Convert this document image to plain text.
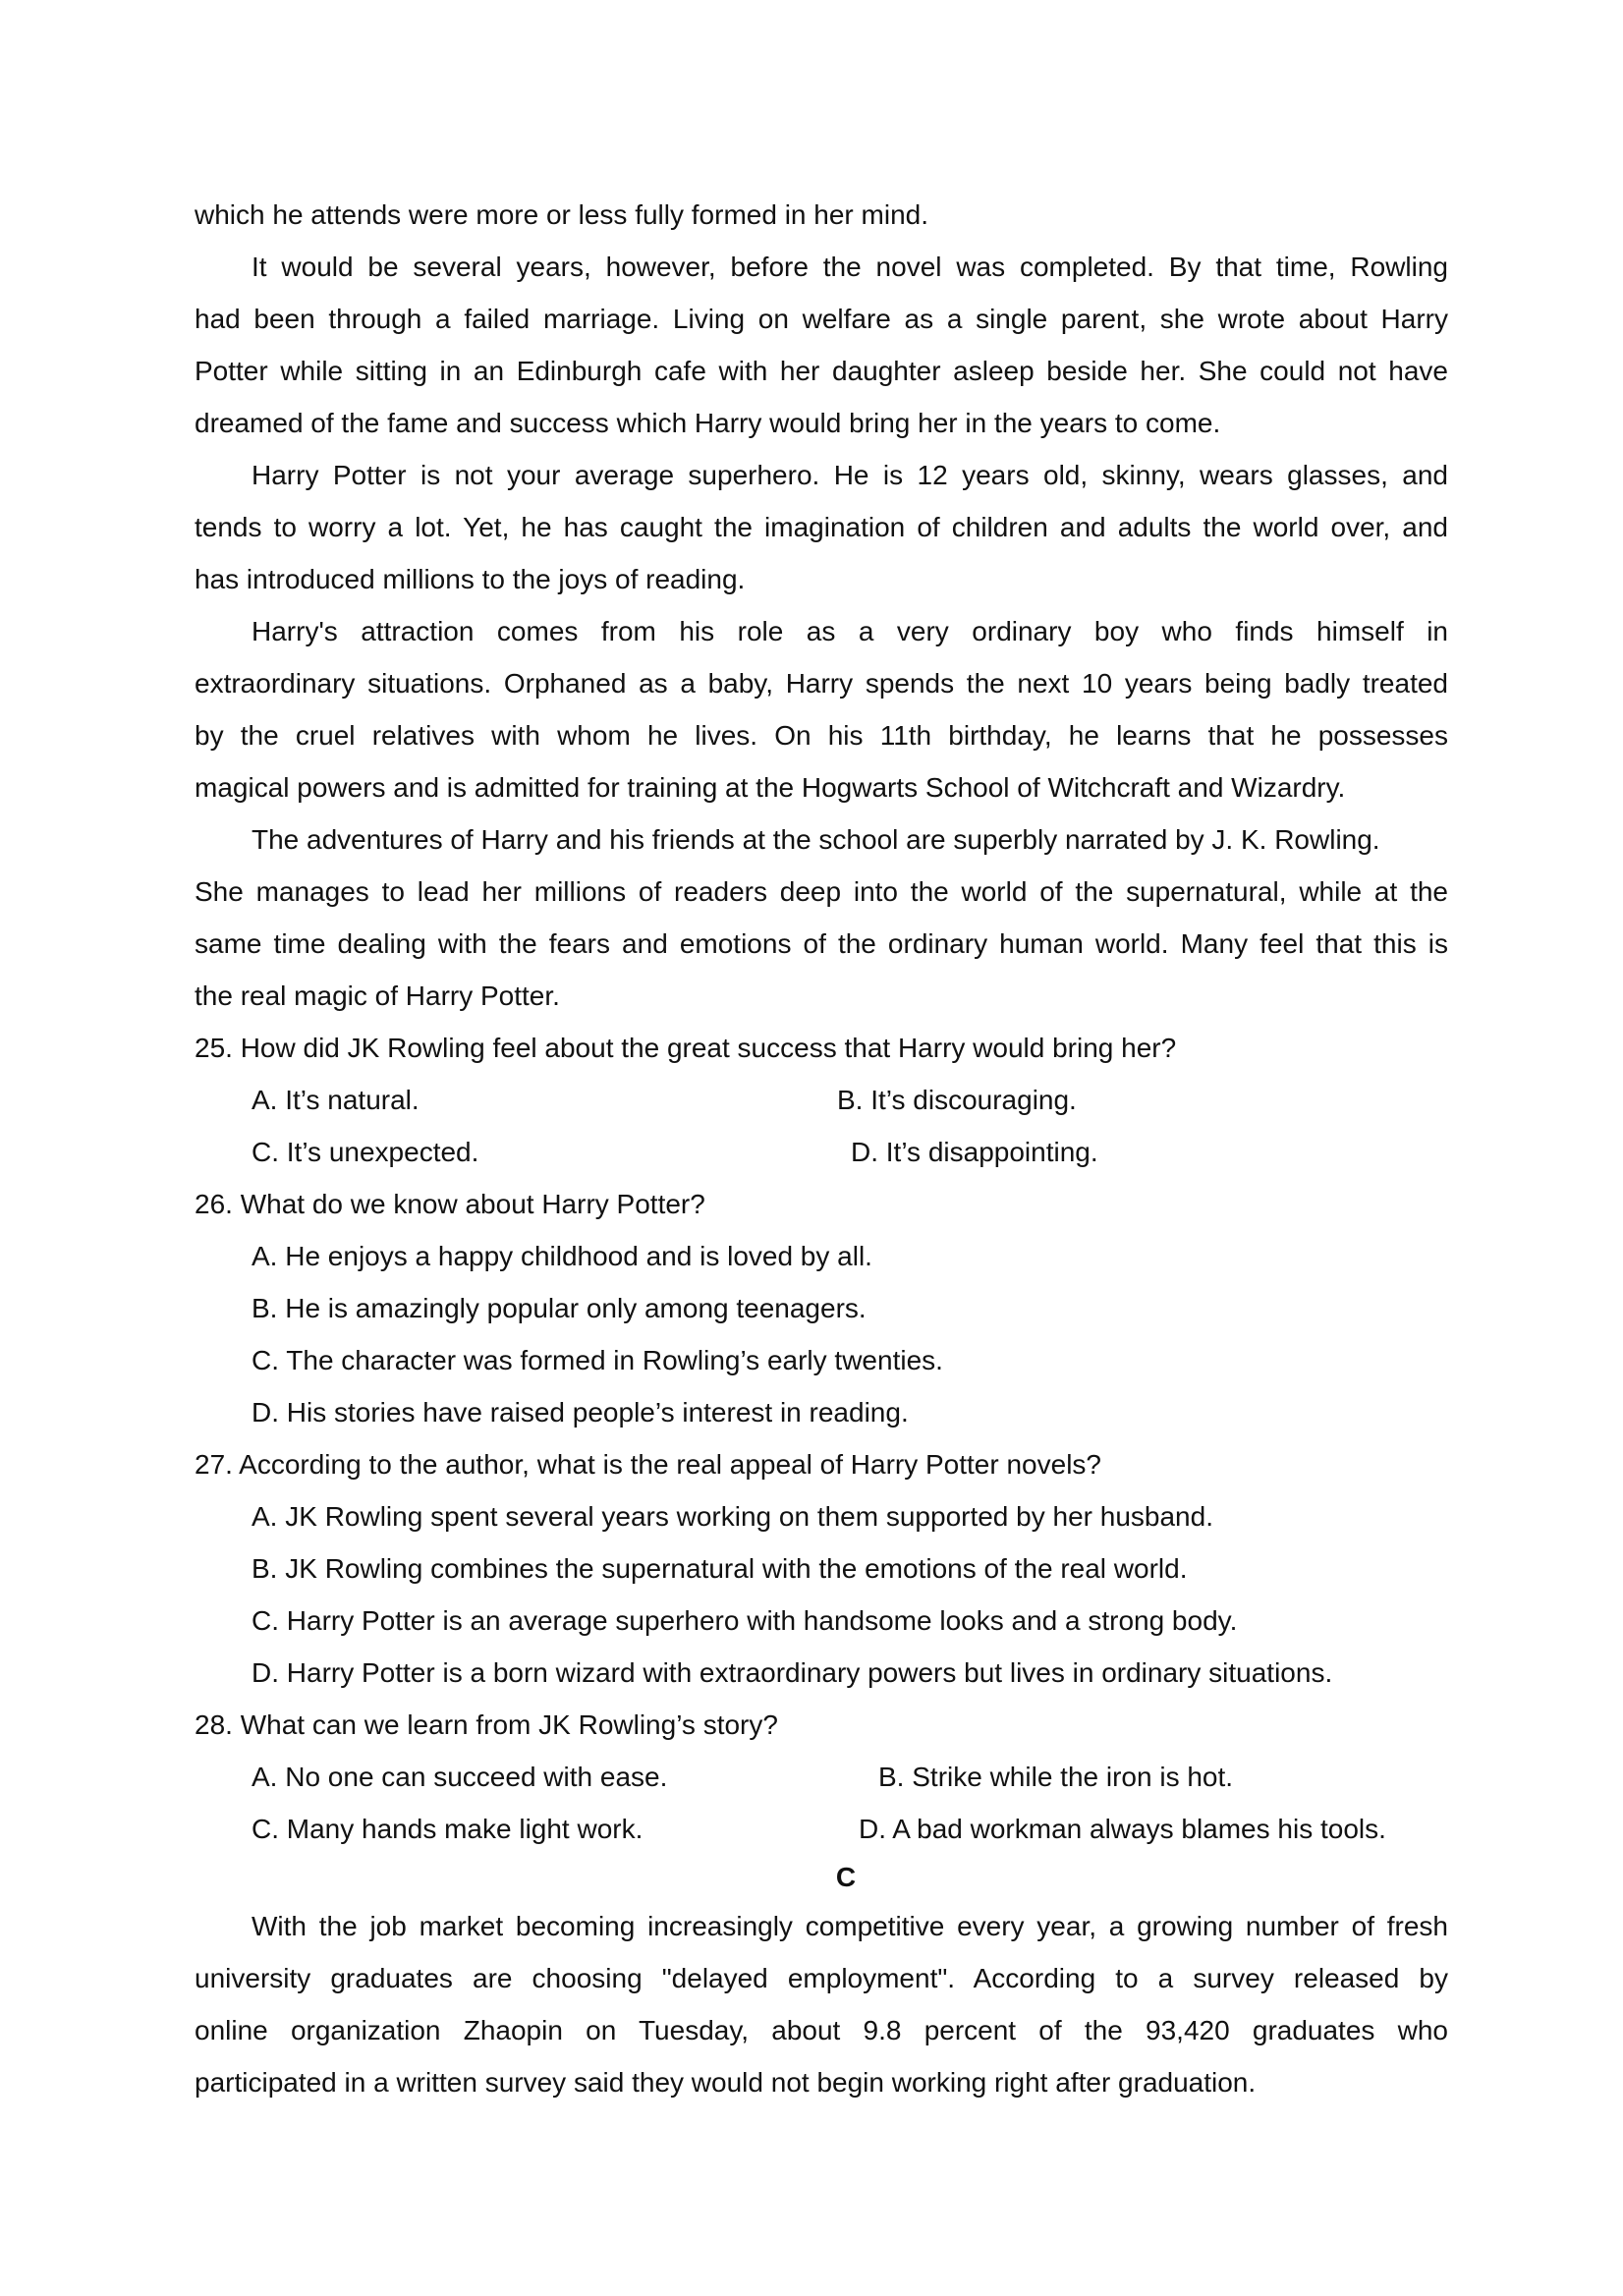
which he attends were more or less fully formed in her mind.
It would be several years, however, before the novel was completed. By that time, Rowling
had been through a failed marriage. Living on welfare as a single parent, she wrote about Harry
Potter while sitting in an Edinburgh cafe with her daughter asleep beside her. She could not have
dreamed of the fame and success which Harry would bring her in the years to come.
Harry Potter is not your average superhero. He is 12 years old, skinny, wears glasses, and
tends to worry a lot. Yet, he has caught the imagination of children and adults the world over, and
has introduced millions to the joys of reading.
Harry's attraction comes from his role as a very ordinary boy who finds himself in
extraordinary situations. Orphaned as a baby, Harry spends the next 10 years being badly treated
by the cruel relatives with whom he lives. On his 11th birthday, he learns that he possesses
magical powers and is admitted for training at the Hogwarts School of Witchcraft and Wizardry.
The adventures of Harry and his friends at the school are superbly narrated by J. K. Rowling.
She manages to lead her millions of readers deep into the world of the supernatural, while at the
same time dealing with the fears and emotions of the ordinary human world. Many feel that this is
the real magic of Harry Potter.
25. How did JK Rowling feel about the great success that Harry would bring her?
A. It’s natural.	B. It’s discouraging.
C. It’s unexpected.	D. It’s disappointing.
26. What do we know about Harry Potter?
A. He enjoys a happy childhood and is loved by all.
B. He is amazingly popular only among teenagers.
C. The character was formed in Rowling’s early twenties.
D. His stories have raised people’s interest in reading.
27. According to the author, what is the real appeal of Harry Potter novels?
A. JK Rowling spent several years working on them supported by her husband.
B. JK Rowling combines the supernatural with the emotions of the real world.
C. Harry Potter is an average superhero with handsome looks and a strong body.
D. Harry Potter is a born wizard with extraordinary powers but lives in ordinary situations.
28. What can we learn from JK Rowling’s story?
A. No one can succeed with ease.	B. Strike while the iron is hot.
C. Many hands make light work.	D. A bad workman always blames his tools.
C
With the job market becoming increasingly competitive every year, a growing number of fresh
university graduates are choosing "delayed employment". According to a survey released by
online organization Zhaopin on Tuesday, about 9.8 percent of the 93,420 graduates who
participated in a written survey said they would not begin working right after graduation.
